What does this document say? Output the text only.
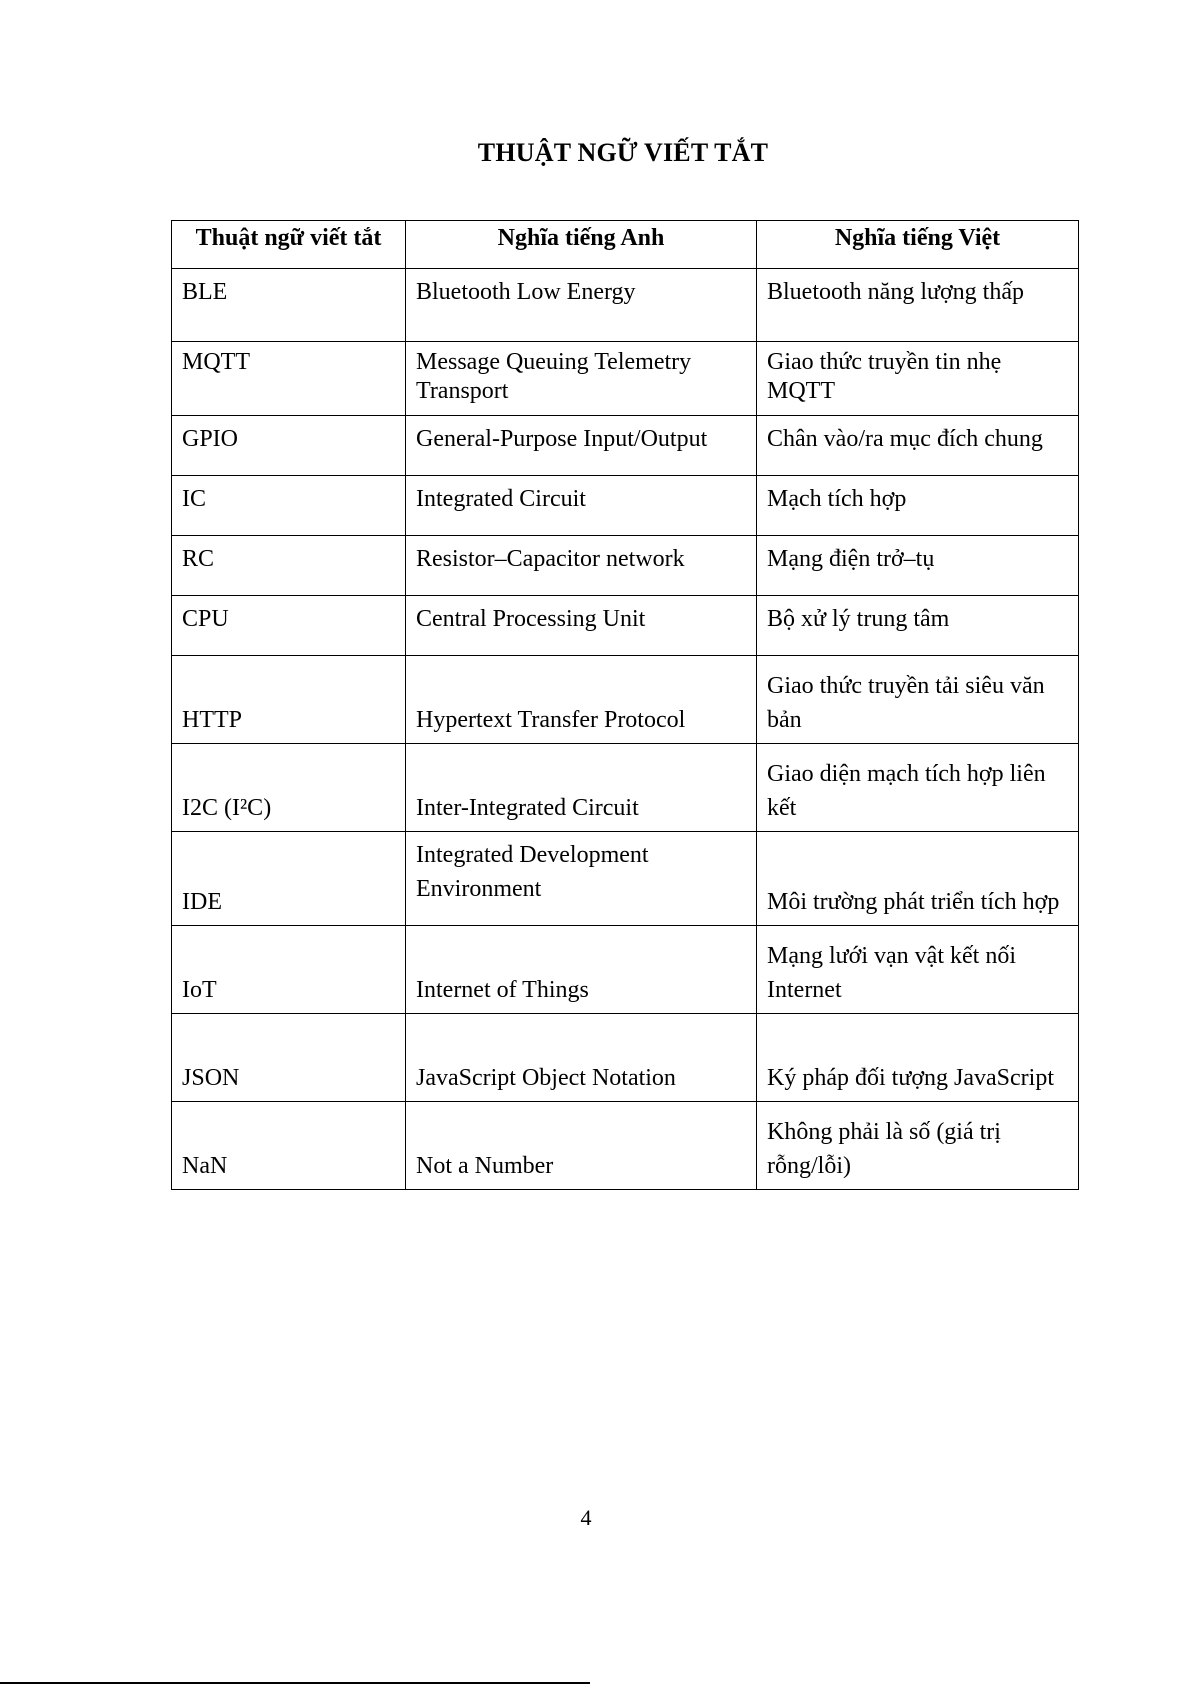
THUẬT NGỮ VIẾT TẮT
Thuật ngữ viết tắt	Nghĩa tiếng Anh	Nghĩa tiếng Việt
BLE	Bluetooth Low Energy	Bluetooth năng lượng thấp
MQTT	Message Queuing Telemetry Transport	Giao thức truyền tin nhẹ MQTT
GPIO	General-Purpose Input/Output	Chân vào/ra mục đích chung
IC	Integrated Circuit	Mạch tích hợp
RC	Resistor–Capacitor network	Mạng điện trở–tụ
CPU	Central Processing Unit	Bộ xử lý trung tâm
HTTP	Hypertext Transfer Protocol	Giao thức truyền tải siêu văn bản
I2C (I²C)	Inter-Integrated Circuit	Giao diện mạch tích hợp liên kết
IDE	Integrated Development Environment	Môi trường phát triển tích hợp
IoT	Internet of Things	Mạng lưới vạn vật kết nối Internet
JSON	JavaScript Object Notation	Ký pháp đối tượng JavaScript
NaN	Not a Number	Không phải là số (giá trị rỗng/lỗi)
4
